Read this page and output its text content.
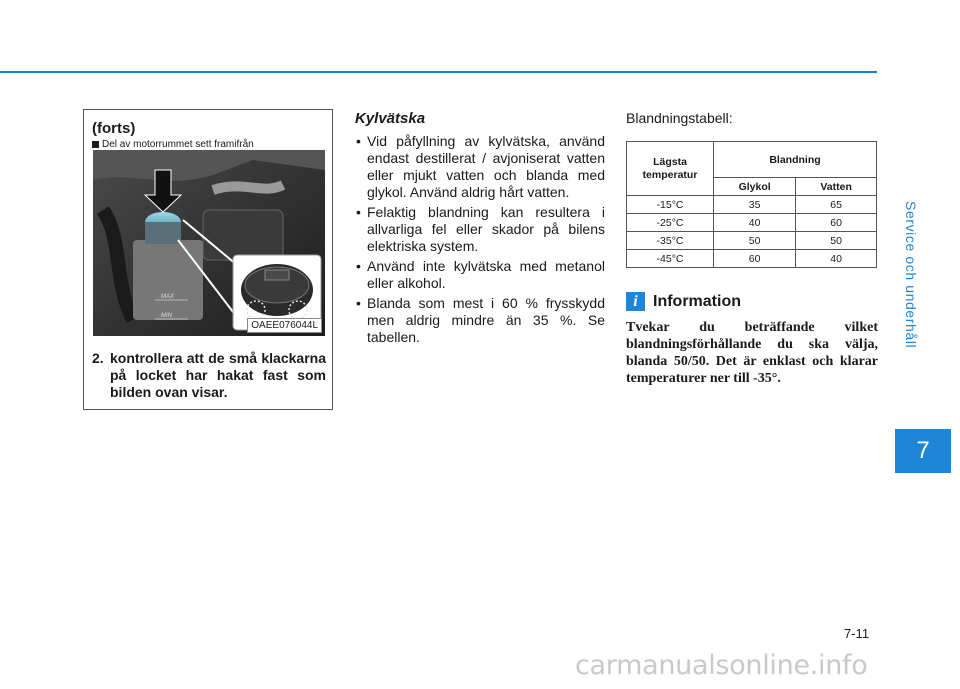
Service och underhåll
7
(forts)
Del av motorrummet sett framifrån
MAX
MIN
OAEE076044L
2. kontrollera att de små klackarna på locket har hakat fast som bilden ovan visar.
Kylvätska
• Vid påfyllning av kylvätska, använd endast destillerat / avjoniserat vatten eller mjukt vatten och blanda med glykol. Använd aldrig hårt vatten.
• Felaktig blandning kan resultera i allvarliga fel eller skador på bilens elektriska system.
• Använd inte kylvätska med metanol eller alkohol.
• Blanda som mest i 60 % frysskydd men aldrig mindre än 35 %. Se tabellen.
Blandningstabell:
Lägsta
temperatur	Blandning	
	Glykol	Vatten
-15°C	35	65
-25°C	40	60
-35°C	50	50
-45°C	60	40
i Information
Tvekar du beträffande vilket blandningsförhållande du ska välja, blanda 50/50. Det är enklast och klarar temperaturer ner till -35°.
7-11
carmanualsonline.info
